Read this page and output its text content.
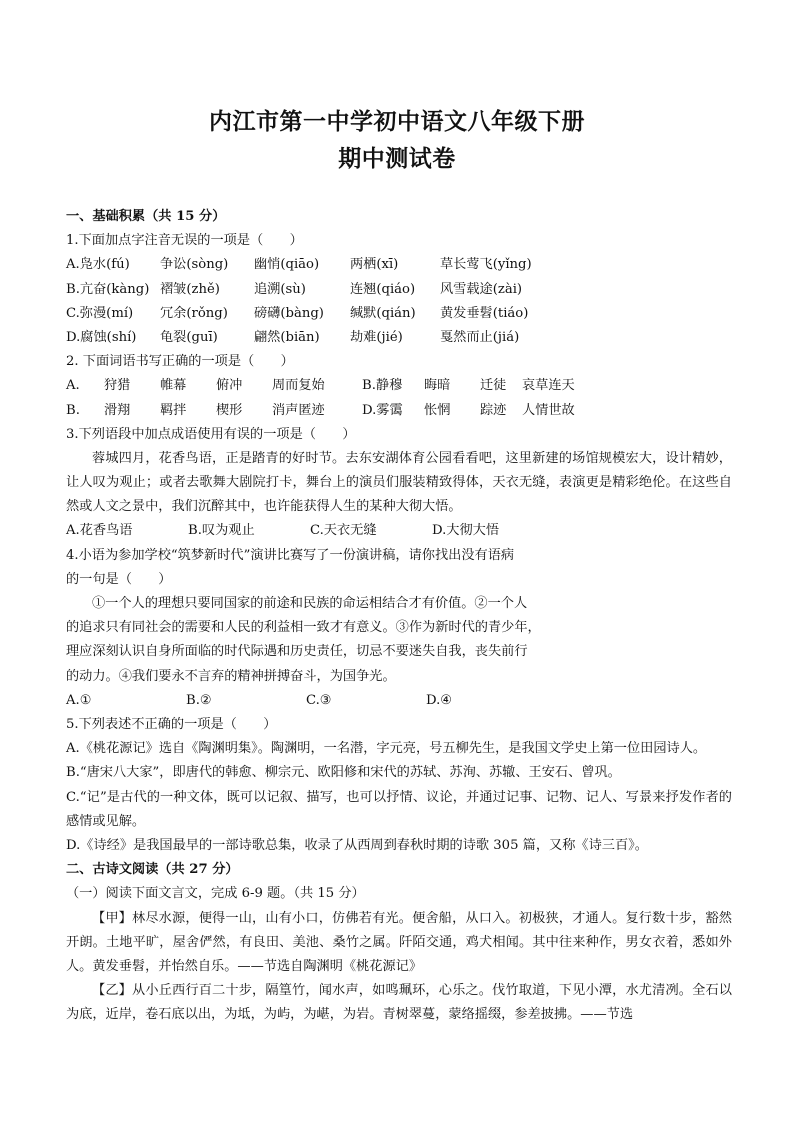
内江市第一中学初中语文八年级下册
期中测试卷
一、基础积累（共 15 分）
1.下面加点字注音无误的一项是（　　）
A.凫水(fú)	争讼(sòng)	幽悄(qiāo)	两栖(xī)	草长莺飞(yǐng)
B.亢奋(kàng) 褶皱(zhě)	追溯(sù)	连翘(qiáo)	风雪载途(zài)
C.弥漫(mí)	冗余(rǒng)	磅礴(bàng)	缄默(qián)	黄发垂髫(tiáo)
D.腐蚀(shí)	龟裂(guī)	翩然(biān)	劫难(jié)	戛然而止(jiá)
2. 下面词语书写正确的一项是（　　）
A.	狩猎	帷幕	俯冲	周而复始	B.静穆	晦暗	迁徒	哀草连天
B.	滑翔	羁拌	楔形	消声匿迹	D.雾霭	怅惘	踪迹	人情世故
3.下列语段中加点成语使用有误的一项是（　　）
蓉城四月，花香鸟语，正是踏青的好时节。去东安湖体育公园看看吧，这里新建的场馆规模宏大，设计精妙，让人叹为观止；或者去歌舞大剧院打卡，舞台上的演员们服装精致得体，天衣无缝，表演更是精彩绝伦。在这些自然或人文之景中，我们沉醉其中，也许能获得人生的某种大彻大悟。
A.花香鸟语	B.叹为观止	C.天衣无缝	D.大彻大悟
4.小语为参加学校“筑梦新时代”演讲比赛写了一份演讲稿，请你找出没有语病
的一句是（　　）
①一个人的理想只要同国家的前途和民族的命运相结合才有价值。②一个人
的追求只有同社会的需要和人民的利益相一致才有意义。③作为新时代的青少年，
理应深刻认识自身所面临的时代际遇和历史责任，切忌不要迷失自我，丧失前行
的动力。④我们要永不言弃的精神拼搏奋斗，为国争光。
A.①	B.②	C.③	D.④
5.下列表述不正确的一项是（　　）
A.《桃花源记》选自《陶渊明集》。陶渊明，一名潜，字元亮，号五柳先生，是我国文学史上第一位田园诗人。
B.“唐宋八大家”，即唐代的韩愈、柳宗元、欧阳修和宋代的苏轼、苏洵、苏辙、王安石、曾巩。
C.“记”是古代的一种文体，既可以记叙、描写，也可以抒情、议论，并通过记事、记物、记人、写景来抒发作者的感情或见解。
D.《诗经》是我国最早的一部诗歌总集，收录了从西周到春秋时期的诗歌 305 篇，又称《诗三百》。
二、古诗文阅读（共 27 分）
（一）阅读下面文言文，完成 6-9 题。（共 15 分）
【甲】林尽水源，便得一山，山有小口，仿佛若有光。便舍船，从口入。初极狭，才通人。复行数十步，豁然开朗。土地平旷，屋舍俨然，有良田、美池、桑竹之属。阡陌交通，鸡犬相闻。其中往来种作，男女衣着，悉如外人。黄发垂髫，并怡然自乐。——节选自陶渊明《桃花源记》
【乙】从小丘西行百二十步，隔篁竹，闻水声，如鸣珮环，心乐之。伐竹取道，下见小潭，水尤清冽。全石以为底，近岸，卷石底以出，为坻，为屿，为嵁，为岩。青树翠蔓，蒙络摇缀，参差披拂。——节选
